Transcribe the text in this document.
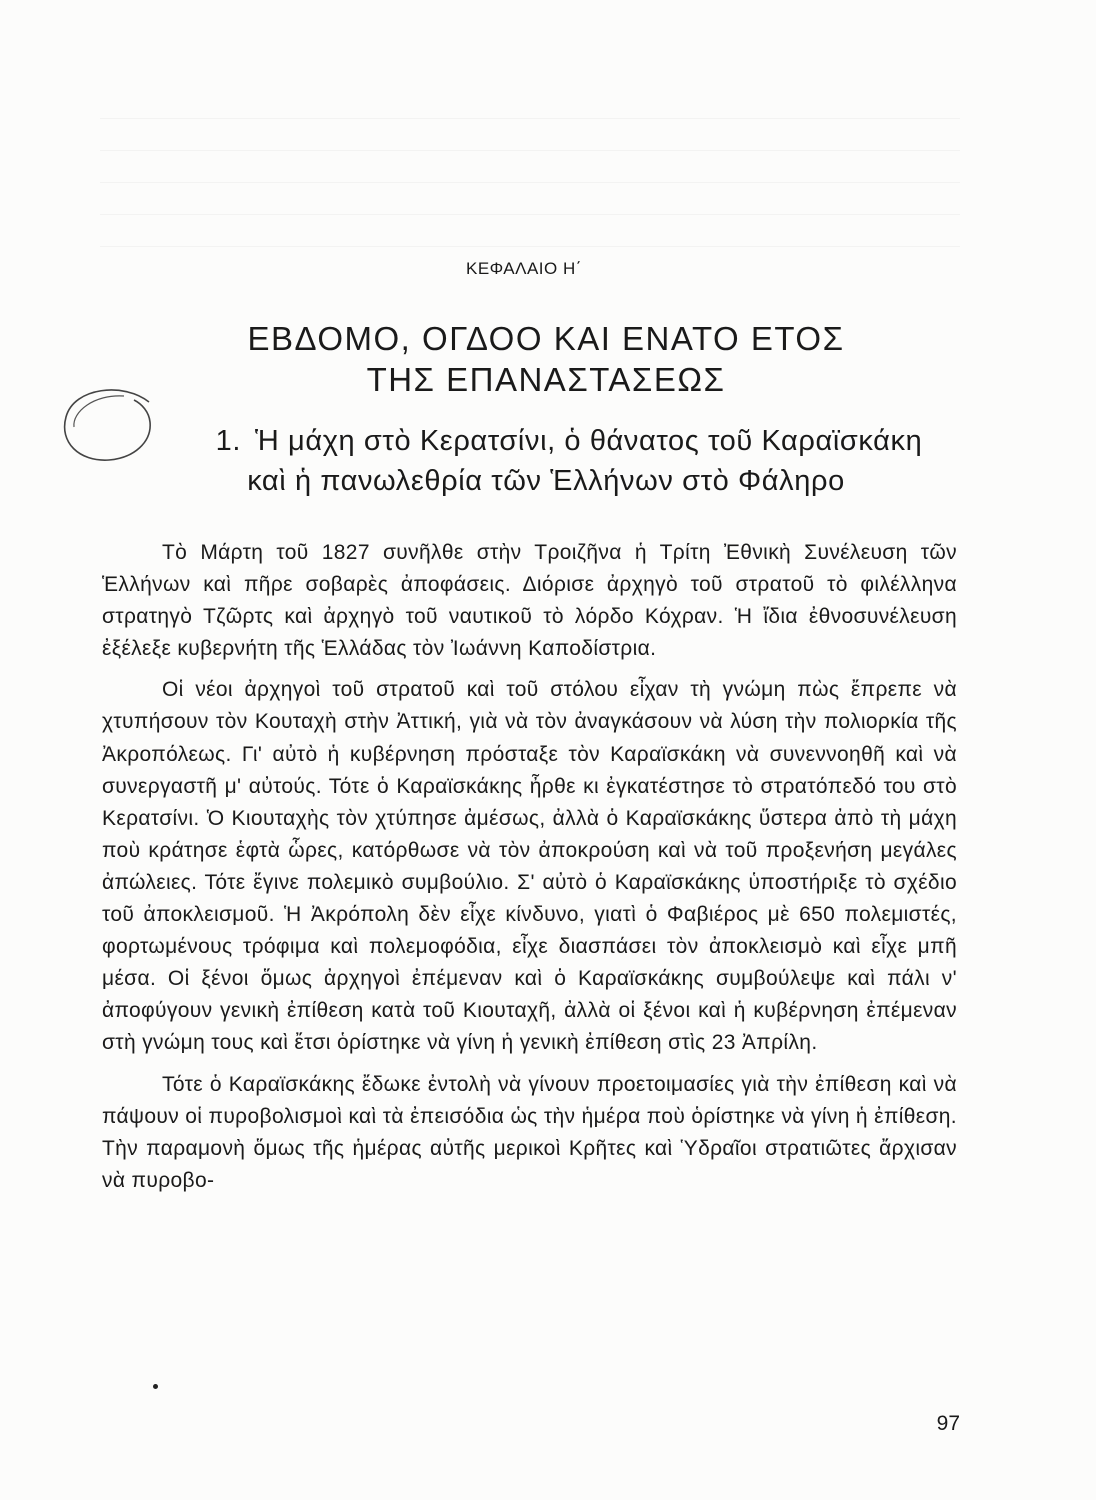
ΚΕΦΑΛΑΙΟ Η΄
ΕΒΔΟΜΟ, ΟΓΔΟΟ ΚΑΙ ΕΝΑΤΟ ΕΤΟΣ
ΤΗΣ ΕΠΑΝΑΣΤΑΣΕΩΣ
1. Ἡ μάχη στὸ Κερατσίνι, ὁ θάνατος τοῦ Καραϊσκάκη
καὶ ἡ πανωλεθρία τῶν Ἑλλήνων στὸ Φάληρο

Τὸ Μάρτη τοῦ 1827 συνῆλθε στὴν Τροιζῆνα ἡ Τρίτη Ἐθνικὴ Συνέλευση τῶν Ἑλλήνων καὶ πῆρε σοβαρὲς ἀποφάσεις. Διόρισε ἀρχηγὸ τοῦ στρατοῦ τὸ φιλέλληνα στρατηγὸ Τζῶρτς καὶ ἀρχηγὸ τοῦ ναυτικοῦ τὸ λόρδο Κόχραν. Ἡ ἴδια ἐθνοσυνέλευση ἐξέλεξε κυβερνήτη τῆς Ἑλλάδας τὸν Ἰωάννη Καποδίστρια.

Οἱ νέοι ἀρχηγοὶ τοῦ στρατοῦ καὶ τοῦ στόλου εἶχαν τὴ γνώμη πὼς ἔπρεπε νὰ χτυπήσουν τὸν Κουταχὴ στὴν Ἀττική, γιὰ νὰ τὸν ἀναγκάσουν νὰ λύση τὴν πολιορκία τῆς Ἀκροπόλεως. Γι' αὐτὸ ἡ κυβέρνηση πρόσταξε τὸν Καραϊσκάκη νὰ συνεννοηθῆ καὶ νὰ συνεργαστῆ μ' αὐτούς. Τότε ὁ Καραϊσκάκης ἦρθε κι ἐγκατέστησε τὸ στρατόπεδό του στὸ Κερατσίνι. Ὁ Κιουταχὴς τὸν χτύπησε ἀμέσως, ἀλλὰ ὁ Καραϊσκάκης ὕστερα ἀπὸ τὴ μάχη ποὺ κράτησε ἑφτὰ ὧρες, κατόρθωσε νὰ τὸν ἀποκρούση καὶ νὰ τοῦ προξενήση μεγάλες ἀπώλειες. Τότε ἔγινε πολεμικὸ συμβούλιο. Σ' αὐτὸ ὁ Καραϊσκάκης ὑποστήριξε τὸ σχέδιο τοῦ ἀποκλεισμοῦ. Ἡ Ἀκρόπολη δὲν εἶχε κίνδυνο, γιατὶ ὁ Φαβιέρος μὲ 650 πολεμιστές, φορτωμένους τρόφιμα καὶ πολεμοφόδια, εἶχε διασπάσει τὸν ἀποκλεισμὸ καὶ εἶχε μπῆ μέσα. Οἱ ξένοι ὅμως ἀρχηγοὶ ἐπέμεναν καὶ ὁ Καραϊσκάκης συμβούλεψε καὶ πάλι ν' ἀποφύγουν γενικὴ ἐπίθεση κατὰ τοῦ Κιουταχῆ, ἀλλὰ οἱ ξένοι καὶ ἡ κυβέρνηση ἐπέμεναν στὴ γνώμη τους καὶ ἔτσι ὁρίστηκε νὰ γίνη ἡ γενικὴ ἐπίθεση στὶς 23 Ἀπρίλη.

Τότε ὁ Καραϊσκάκης ἔδωκε ἐντολὴ νὰ γίνουν προετοιμασίες γιὰ τὴν ἐπίθεση καὶ νὰ πάψουν οἱ πυροβολισμοὶ καὶ τὰ ἐπεισόδια ὡς τὴν ἡμέρα ποὺ ὁρίστηκε νὰ γίνη ἡ ἐπίθεση. Τὴν παραμονὴ ὅμως τῆς ἡμέρας αὐτῆς μερικοὶ Κρῆτες καὶ Ὑδραῖοι στρατιῶτες ἄρχισαν νὰ πυροβο-

97
